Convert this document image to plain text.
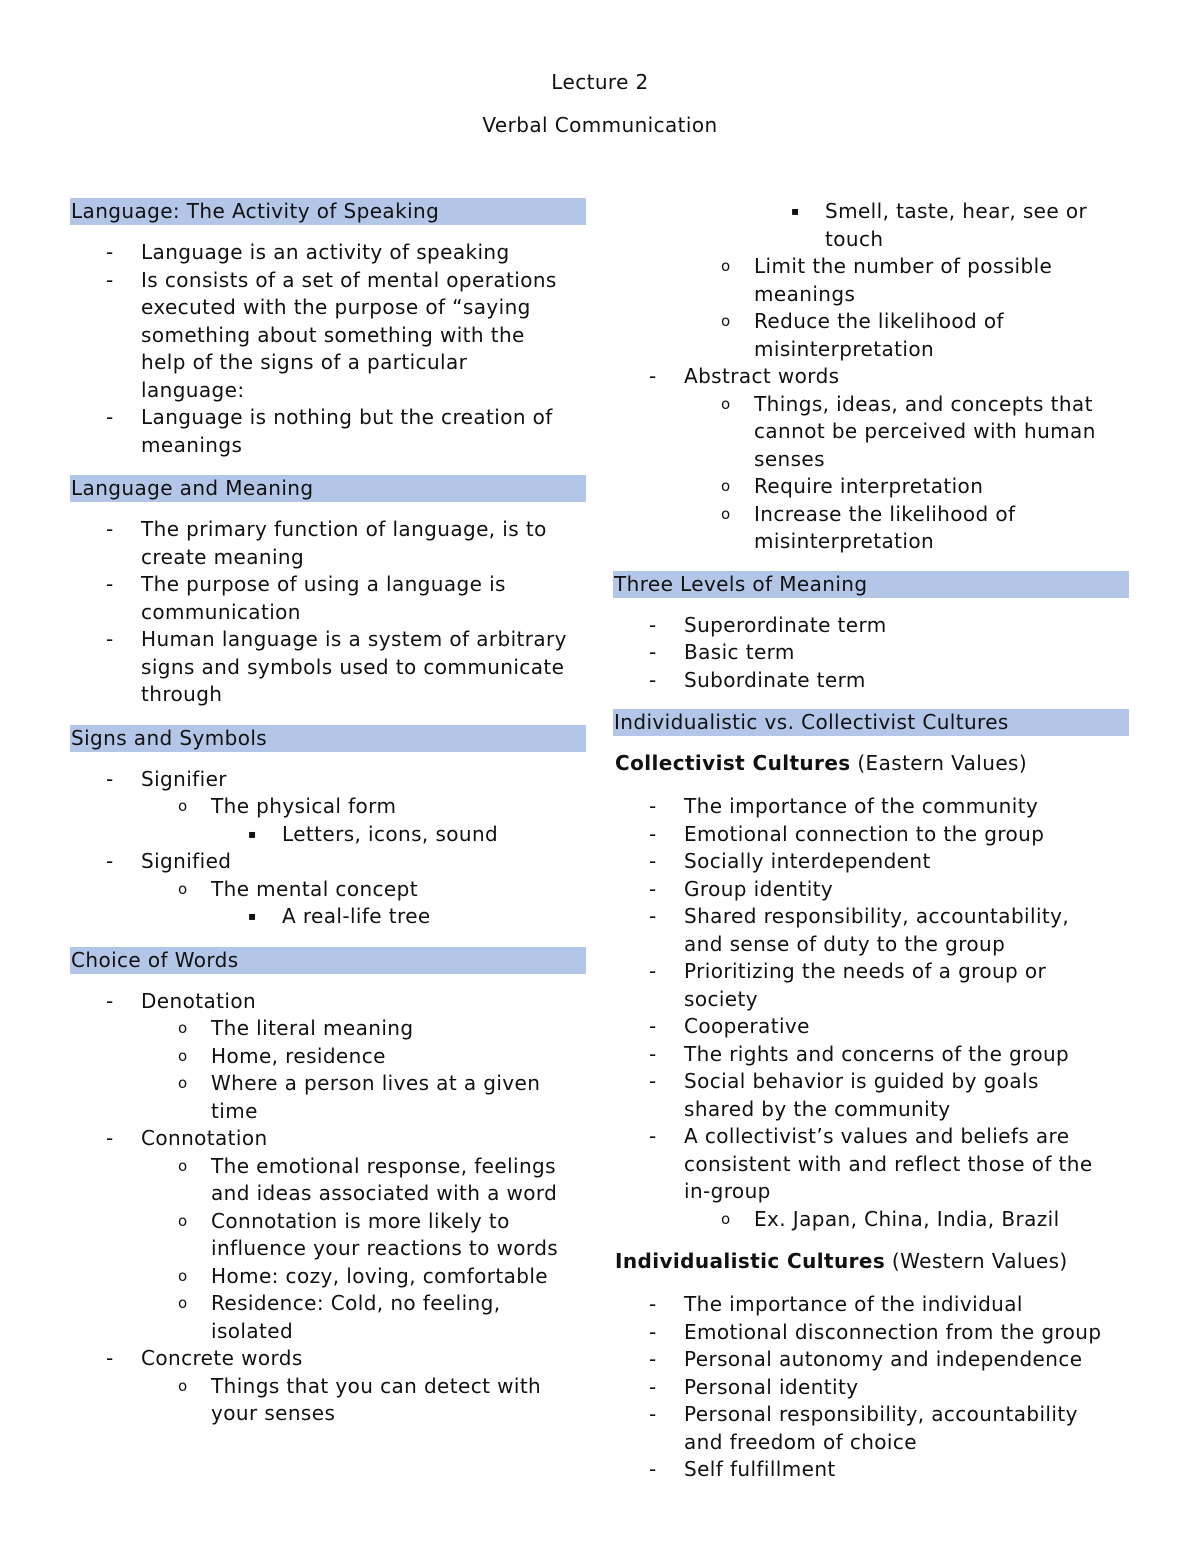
Lecture 2
Verbal Communication
Language: The Activity of Speaking
- Language is an activity of speaking
- Is consists of a set of mental operations
executed with the purpose of “saying
something about something with the
help of the signs of a particular
language:
- Language is nothing but the creation of
meanings
Language and Meaning
- The primary function of language, is to
create meaning
- The purpose of using a language is
communication
- Human language is a system of arbitrary
signs and symbols used to communicate
through
Signs and Symbols
- Signifier
o The physical form
▪ Letters, icons, sound
- Signified
o The mental concept
▪ A real-life tree
Choice of Words
- Denotation
o The literal meaning
o Home, residence
o Where a person lives at a given
time
- Connotation
o The emotional response, feelings
and ideas associated with a word
o Connotation is more likely to
influence your reactions to words
o Home: cozy, loving, comfortable
o Residence: Cold, no feeling,
isolated
- Concrete words
o Things that you can detect with
your senses
▪ Smell, taste, hear, see or
touch
o Limit the number of possible
meanings
o Reduce the likelihood of
misinterpretation
- Abstract words
o Things, ideas, and concepts that
cannot be perceived with human
senses
o Require interpretation
o Increase the likelihood of
misinterpretation
Three Levels of Meaning
- Superordinate term
- Basic term
- Subordinate term
Individualistic vs. Collectivist Cultures
Collectivist Cultures (Eastern Values)
- The importance of the community
- Emotional connection to the group
- Socially interdependent
- Group identity
- Shared responsibility, accountability,
and sense of duty to the group
- Prioritizing the needs of a group or
society
- Cooperative
- The rights and concerns of the group
- Social behavior is guided by goals
shared by the community
- A collectivist’s values and beliefs are
consistent with and reflect those of the
in-group
o Ex. Japan, China, India, Brazil
Individualistic Cultures (Western Values)
- The importance of the individual
- Emotional disconnection from the group
- Personal autonomy and independence
- Personal identity
- Personal responsibility, accountability
and freedom of choice
- Self fulfillment
